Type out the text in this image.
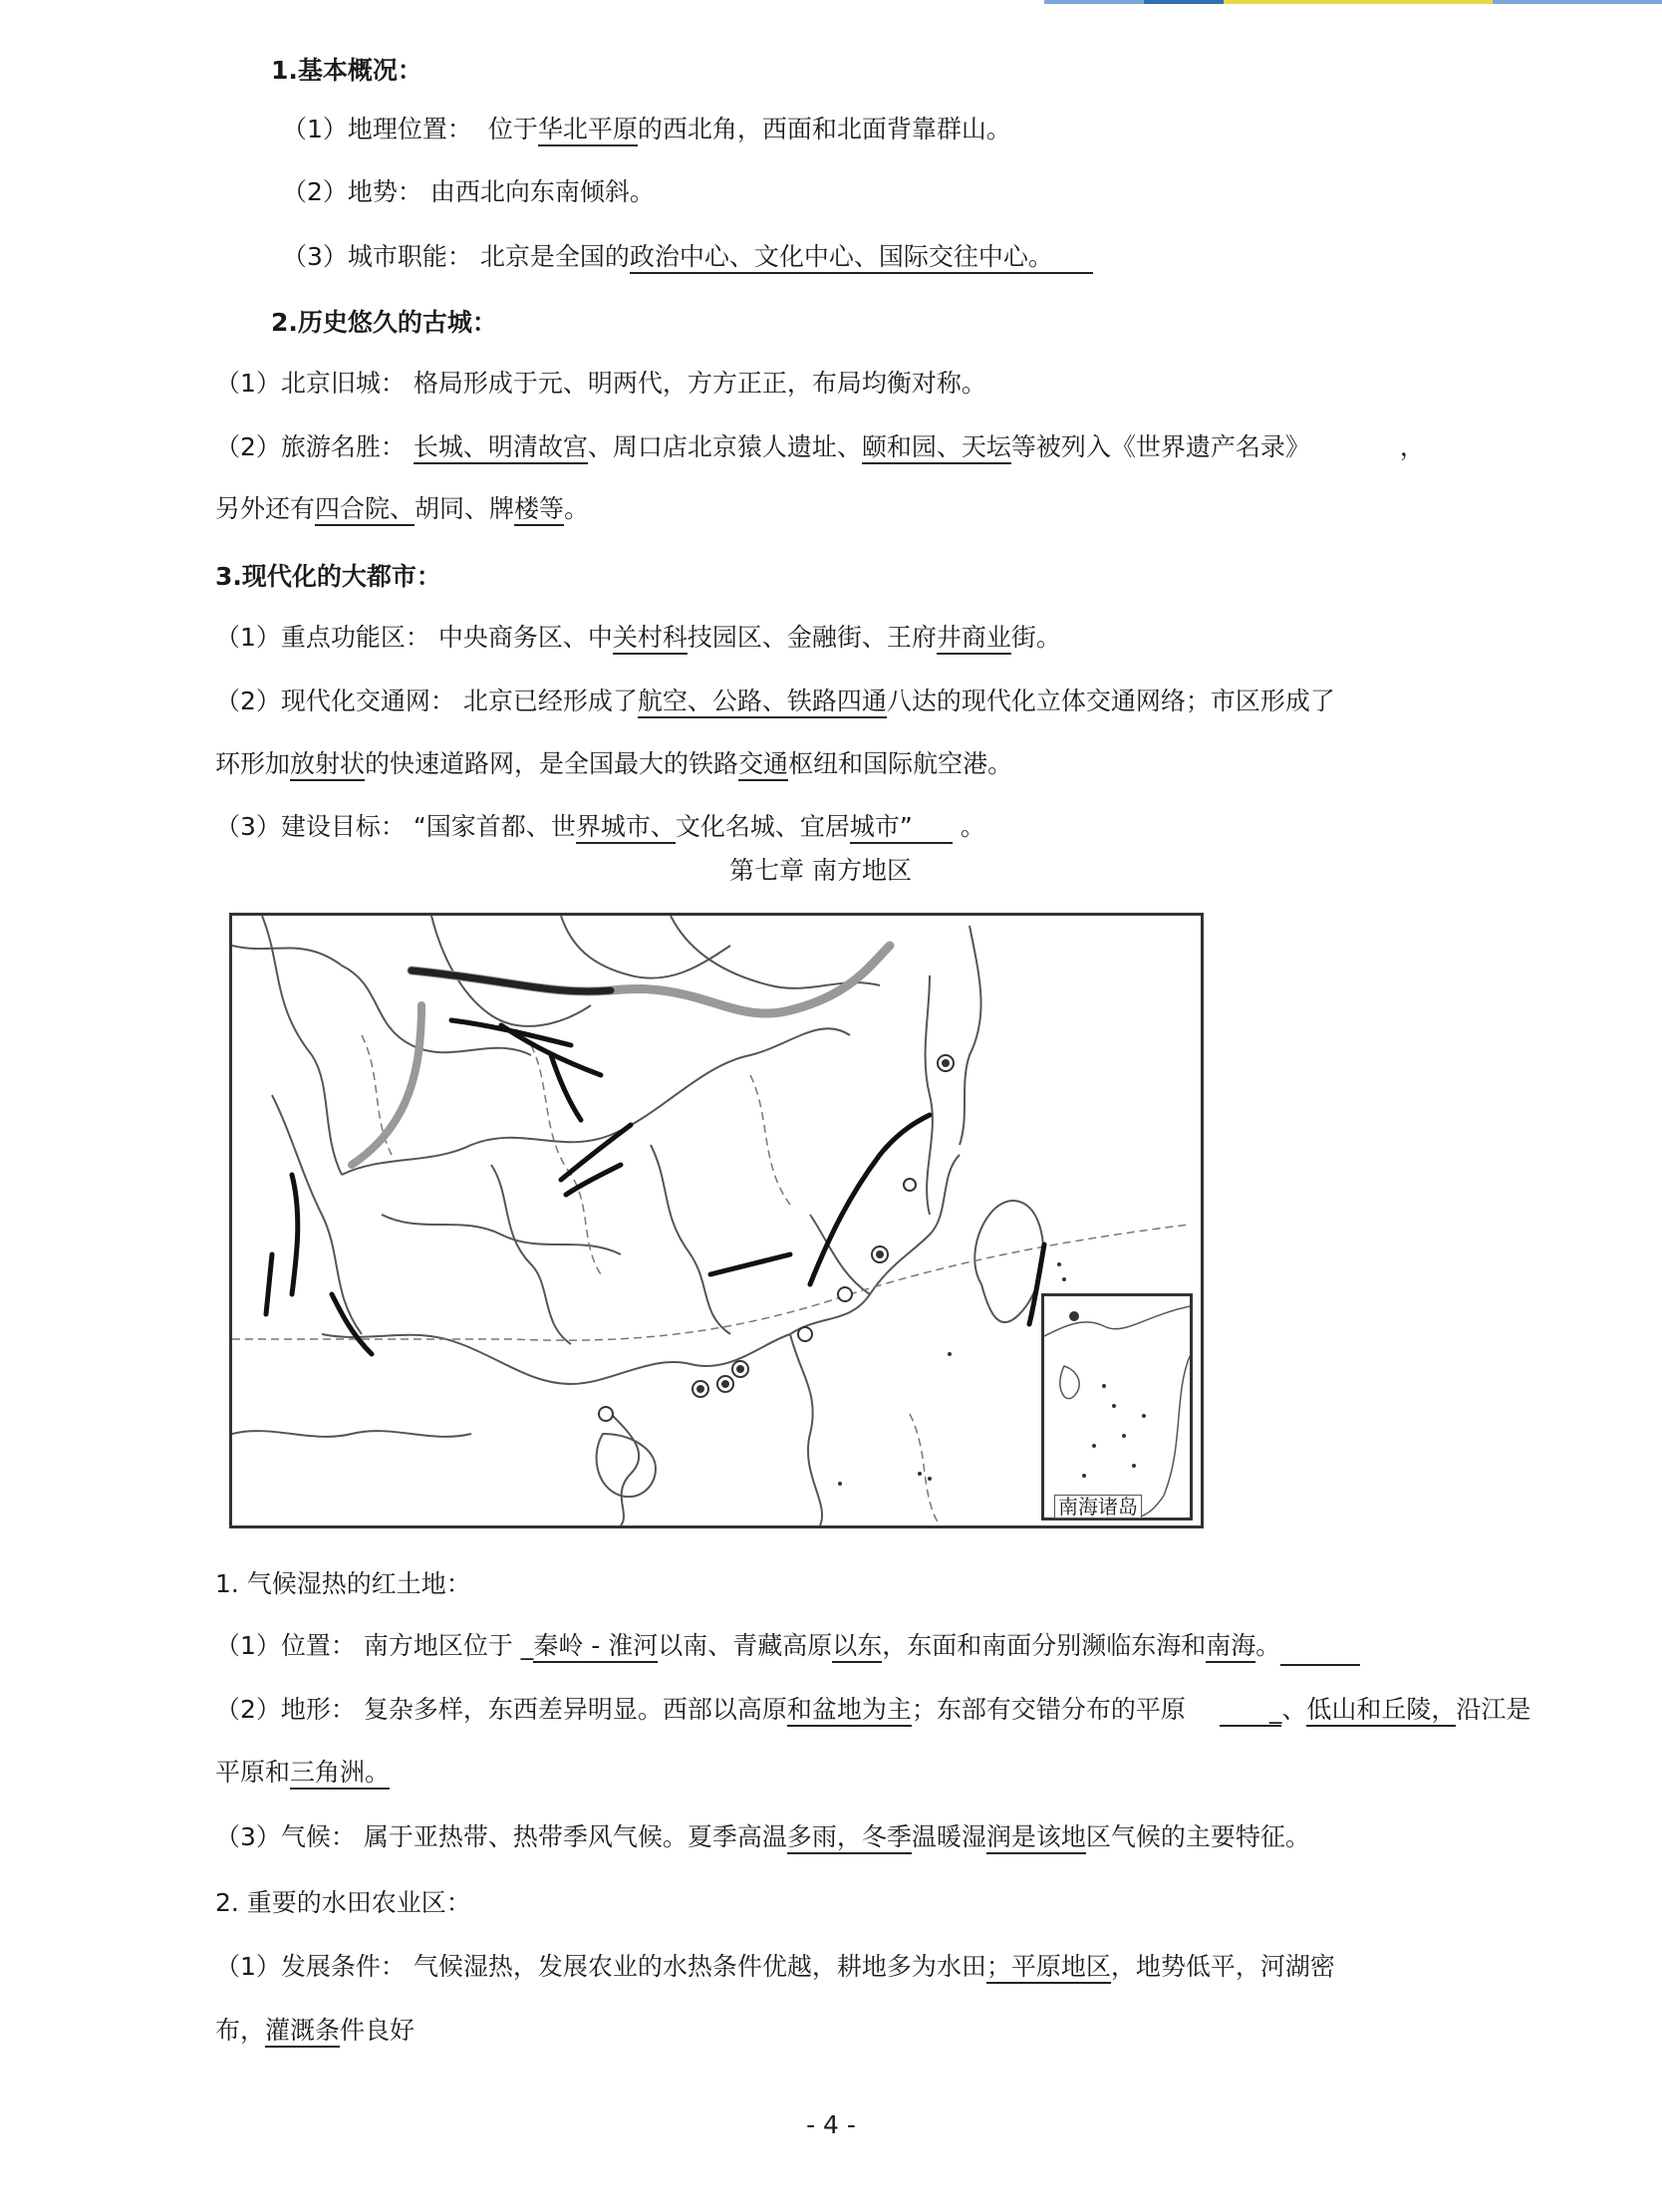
1.基本概况：
（1）地理位置： 位于华北平原的西北角，西面和北面背靠群山。
（2）地势： 由西北向东南倾斜。
（3）城市职能： 北京是全国的政治中心、文化中心、国际交往中心。
2.历史悠久的古城：
（1）北京旧城： 格局形成于元、明两代，方方正正，布局均衡对称。
（2）旅游名胜： 长城、明清故宫、周口店北京猿人遗址、颐和园、天坛等被列入《世界遗产名录》	，
另外还有四合院、胡同、牌楼等。
3.现代化的大都市：
（1）重点功能区： 中央商务区、中关村科技园区、金融街、王府井商业街。
（2）现代化交通网： 北京已经形成了航空、公路、铁路四通八达的现代化立体交通网络；市区形成了
环形加放射状的快速道路网，是全国最大的铁路交通枢纽和国际航空港。
（3）建设目标： “国家首都、世界城市、文化名城、宜居城市” 。
第七章 南方地区
南海诸岛
1. 气候湿热的红土地：
（1）位置： 南方地区位于 _秦岭 - 淮河以南、青藏高原以东，东面和南面分别濒临东海和南海。
（2）地形： 复杂多样，东西差异明显。西部以高原和盆地为主；东部有交错分布的平原	_、低山和丘陵，沿江是
平原和三角洲。
（3）气候： 属于亚热带、热带季风气候。夏季高温多雨，冬季温暖湿润是该地区气候的主要特征。
2. 重要的水田农业区：
（1）发展条件： 气候湿热，发展农业的水热条件优越，耕地多为水田；平原地区，地势低平，河湖密
布，灌溉条件良好
- 4 -
